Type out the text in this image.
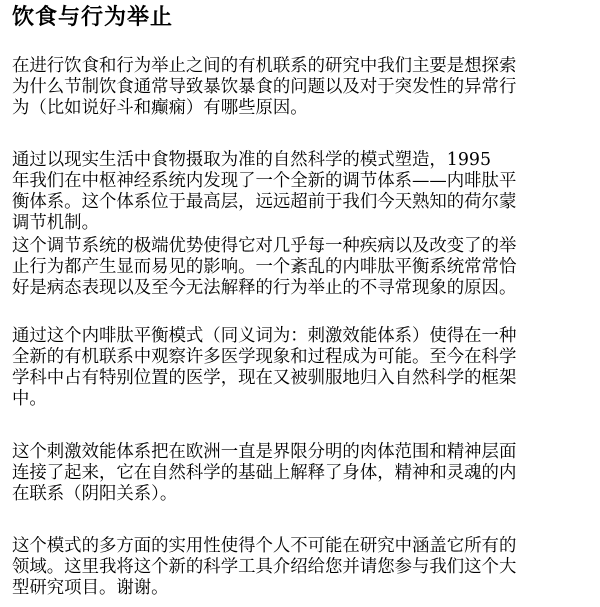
饮食与行为举止

在进行饮食和行为举止之间的有机联系的研究中我们主要是想探索
为什么节制饮食通常导致暴饮暴食的问题以及对于突发性的异常行
为（比如说好斗和癫痫）有哪些原因。

通过以现实生活中食物摄取为准的自然科学的模式塑造，1995
年我们在中枢神经系统内发现了一个全新的调节体系——内啡肽平
衡体系。这个体系位于最高层，远远超前于我们今天熟知的荷尔蒙
调节机制。

这个调节系统的极端优势使得它对几乎每一种疾病以及改变了的举
止行为都产生显而易见的影响。一个紊乱的内啡肽平衡系统常常恰
好是病态表现以及至今无法解释的行为举止的不寻常现象的原因。

通过这个内啡肽平衡模式（同义词为：刺激效能体系）使得在一种
全新的有机联系中观察许多医学现象和过程成为可能。至今在科学
学科中占有特别位置的医学，现在又被驯服地归入自然科学的框架
中。

这个刺激效能体系把在欧洲一直是界限分明的肉体范围和精神层面
连接了起来，它在自然科学的基础上解释了身体，精神和灵魂的内
在联系（阴阳关系）。

这个模式的多方面的实用性使得个人不可能在研究中涵盖它所有的
领域。这里我将这个新的科学工具介绍给您并请您参与我们这个大
型研究项目。谢谢。
